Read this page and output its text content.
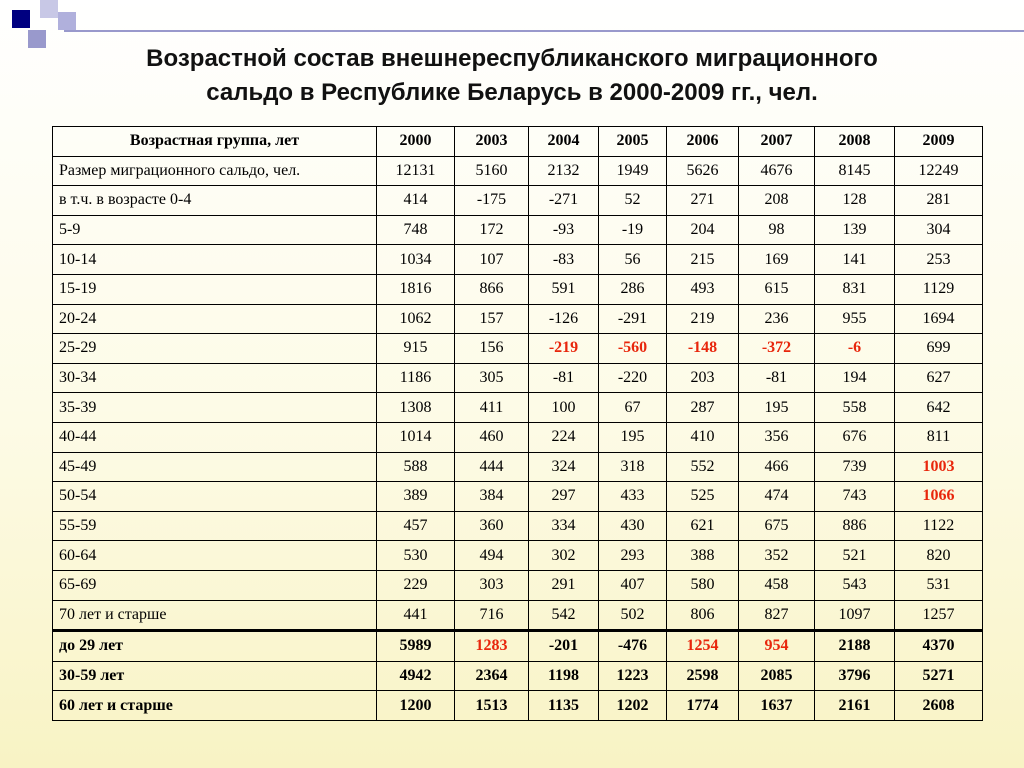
Возрастной состав внешнереспубликанского миграционного
сальдо в Республике Беларусь в 2000-2009 гг., чел.
Возрастная группа, лет	2000	2003	2004	2005	2006	2007	2008	2009
Размер миграционного сальдо, чел.	12131	5160	2132	1949	5626	4676	8145	12249
в т.ч. в возрасте 0-4	414	-175	-271	52	271	208	128	281
5-9	748	172	-93	-19	204	98	139	304
10-14	1034	107	-83	56	215	169	141	253
15-19	1816	866	591	286	493	615	831	1129
20-24	1062	157	-126	-291	219	236	955	1694
25-29	915	156	-219	-560	-148	-372	-6	699
30-34	1186	305	-81	-220	203	-81	194	627
35-39	1308	411	100	67	287	195	558	642
40-44	1014	460	224	195	410	356	676	811
45-49	588	444	324	318	552	466	739	1003
50-54	389	384	297	433	525	474	743	1066
55-59	457	360	334	430	621	675	886	1122
60-64	530	494	302	293	388	352	521	820
65-69	229	303	291	407	580	458	543	531
70 лет и старше	441	716	542	502	806	827	1097	1257
до 29 лет	5989	1283	-201	-476	1254	954	2188	4370
30-59 лет	4942	2364	1198	1223	2598	2085	3796	5271
60 лет и старше	1200	1513	1135	1202	1774	1637	2161	2608
